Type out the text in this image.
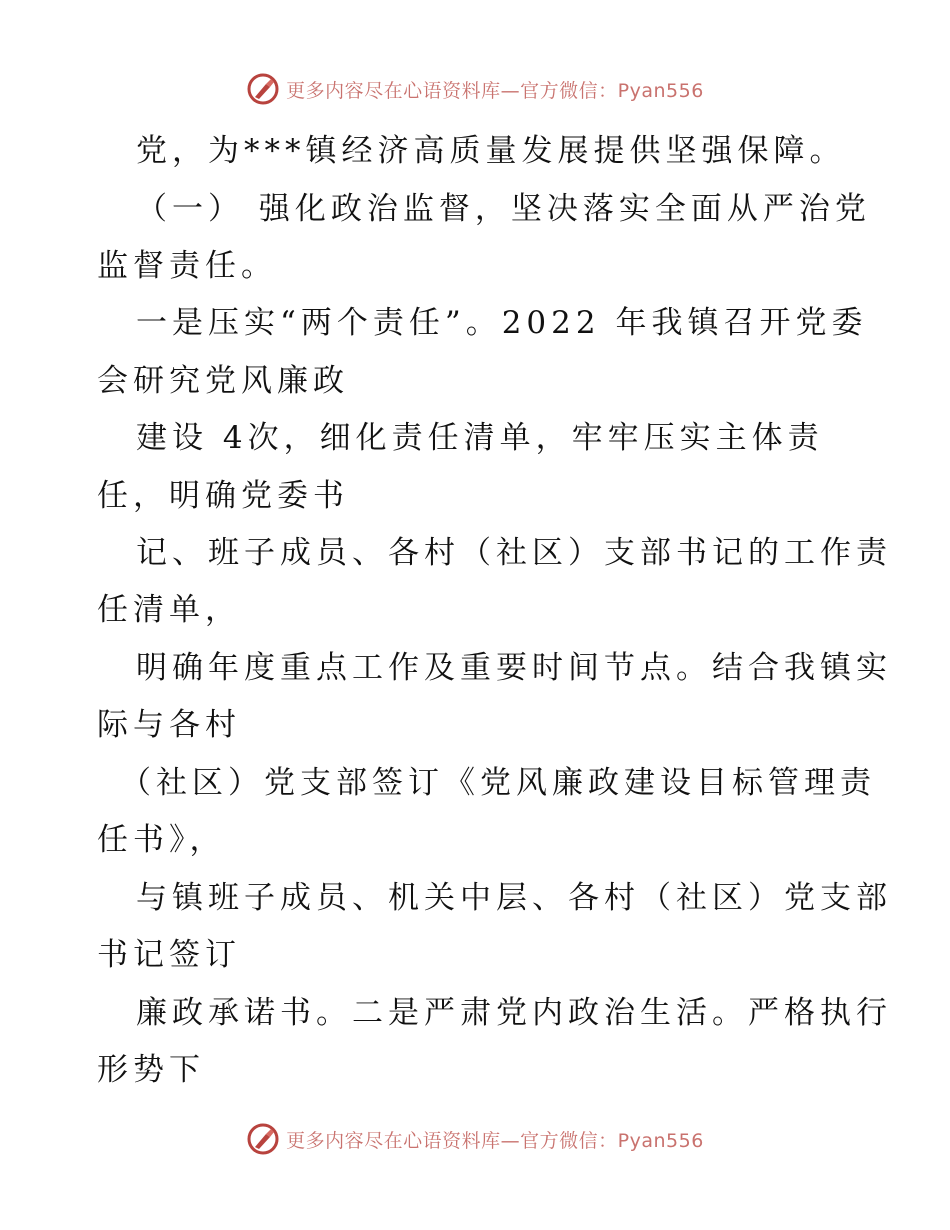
更多内容尽在心语资料库—官方微信：Pyan556
党，为***镇经济高质量发展提供坚强保障。
（一） 强化政治监督，坚决落实全面从严治党
监督责任。
一是压实“两个责任”。2022 年我镇召开党委
会研究党风廉政
建设 4次，细化责任清单，牢牢压实主体责
任，明确党委书
记、班子成员、各村（社区）支部书记的工作责
任清单，
明确年度重点工作及重要时间节点。结合我镇实
际与各村
（社区）党支部签订《党风廉政建设目标管理责
任书》，
与镇班子成员、机关中层、各村（社区）党支部
书记签订
廉政承诺书。二是严肃党内政治生活。严格执行
形势下
更多内容尽在心语资料库—官方微信：Pyan556
